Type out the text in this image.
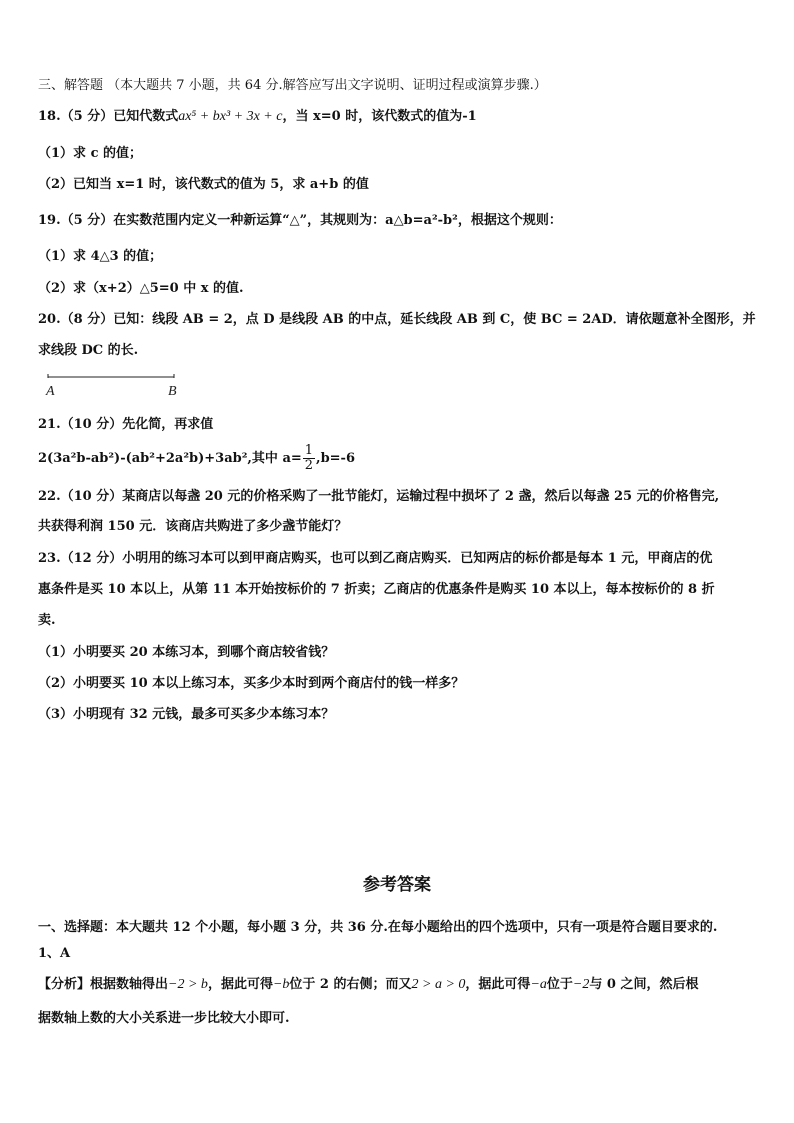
三、解答题 （本大题共 7 小题，共 64 分.解答应写出文字说明、证明过程或演算步骤.）
18.（5 分）已知代数式ax⁵ + bx³ + 3x + c，当 x=0 时，该代数式的值为-1
（1）求 c 的值；
（2）已知当 x=1 时，该代数式的值为 5，求 a+b 的值
19.（5 分）在实数范围内定义一种新运算“△”，其规则为：a△b=a²-b²，根据这个规则：
（1）求 4△3 的值；
（2）求（x+2）△5=0 中 x 的值.
20.（8 分）已知：线段 AB = 2，点 D 是线段 AB 的中点，延长线段 AB 到 C，使 BC = 2AD．请依题意补全图形，并
求线段 DC 的长.
A	B
21.（10 分）先化简，再求值
2(3a²b-ab²)-(ab²+2a²b)+3ab²,其中 $a= \frac{1}{2} ,b=-6$
22.（10 分）某商店以每盏 20 元的价格采购了一批节能灯，运输过程中损坏了 2 盏，然后以每盏 25 元的价格售完,
共获得利润 150 元．该商店共购进了多少盏节能灯？
23.（12 分）小明用的练习本可以到甲商店购买，也可以到乙商店购买．已知两店的标价都是每本 1 元，甲商店的优
惠条件是买 10 本以上，从第 11 本开始按标价的 7 折卖；乙商店的优惠条件是购买 10 本以上，每本按标价的 8 折
卖.
（1）小明要买 20 本练习本，到哪个商店较省钱？
（2）小明要买 10 本以上练习本，买多少本时到两个商店付的钱一样多？
（3）小明现有 32 元钱，最多可买多少本练习本？
参考答案
一、选择题：本大题共 12 个小题，每小题 3 分，共 36 分.在每小题给出的四个选项中，只有一项是符合题目要求的.
1、A
【分析】根据数轴得出−2 > b，据此可得−b位于 2 的右侧；而又2 > a > 0，据此可得−a位于−2与 0 之间，然后根
据数轴上数的大小关系进一步比较大小即可.
